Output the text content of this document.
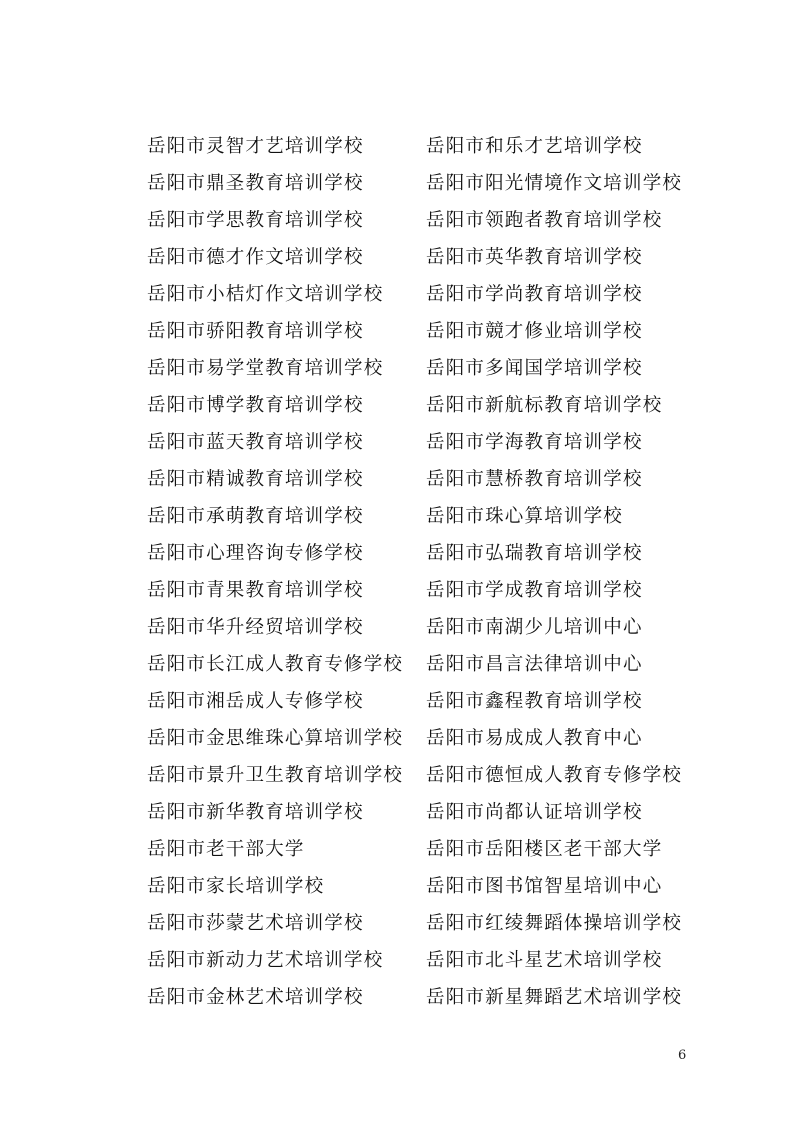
岳阳市灵智才艺培训学校	岳阳市和乐才艺培训学校
岳阳市鼎圣教育培训学校	岳阳市阳光情境作文培训学校
岳阳市学思教育培训学校	岳阳市领跑者教育培训学校
岳阳市德才作文培训学校	岳阳市英华教育培训学校
岳阳市小桔灯作文培训学校	岳阳市学尚教育培训学校
岳阳市骄阳教育培训学校	岳阳市競才修业培训学校
岳阳市易学堂教育培训学校	岳阳市多闻国学培训学校
岳阳市博学教育培训学校	岳阳市新航标教育培训学校
岳阳市蓝天教育培训学校	岳阳市学海教育培训学校
岳阳市精诚教育培训学校	岳阳市慧桥教育培训学校
岳阳市承萌教育培训学校	岳阳市珠心算培训学校
岳阳市心理咨询专修学校	岳阳市弘瑞教育培训学校
岳阳市青果教育培训学校	岳阳市学成教育培训学校
岳阳市华升经贸培训学校	岳阳市南湖少儿培训中心
岳阳市长江成人教育专修学校	岳阳市昌言法律培训中心
岳阳市湘岳成人专修学校	岳阳市鑫程教育培训学校
岳阳市金思维珠心算培训学校	岳阳市易成成人教育中心
岳阳市景升卫生教育培训学校	岳阳市德恒成人教育专修学校
岳阳市新华教育培训学校	岳阳市尚都认证培训学校
岳阳市老干部大学	岳阳市岳阳楼区老干部大学
岳阳市家长培训学校	岳阳市图书馆智星培训中心
岳阳市莎蒙艺术培训学校	岳阳市红绫舞蹈体操培训学校
岳阳市新动力艺术培训学校	岳阳市北斗星艺术培训学校
岳阳市金林艺术培训学校	岳阳市新星舞蹈艺术培训学校
6
